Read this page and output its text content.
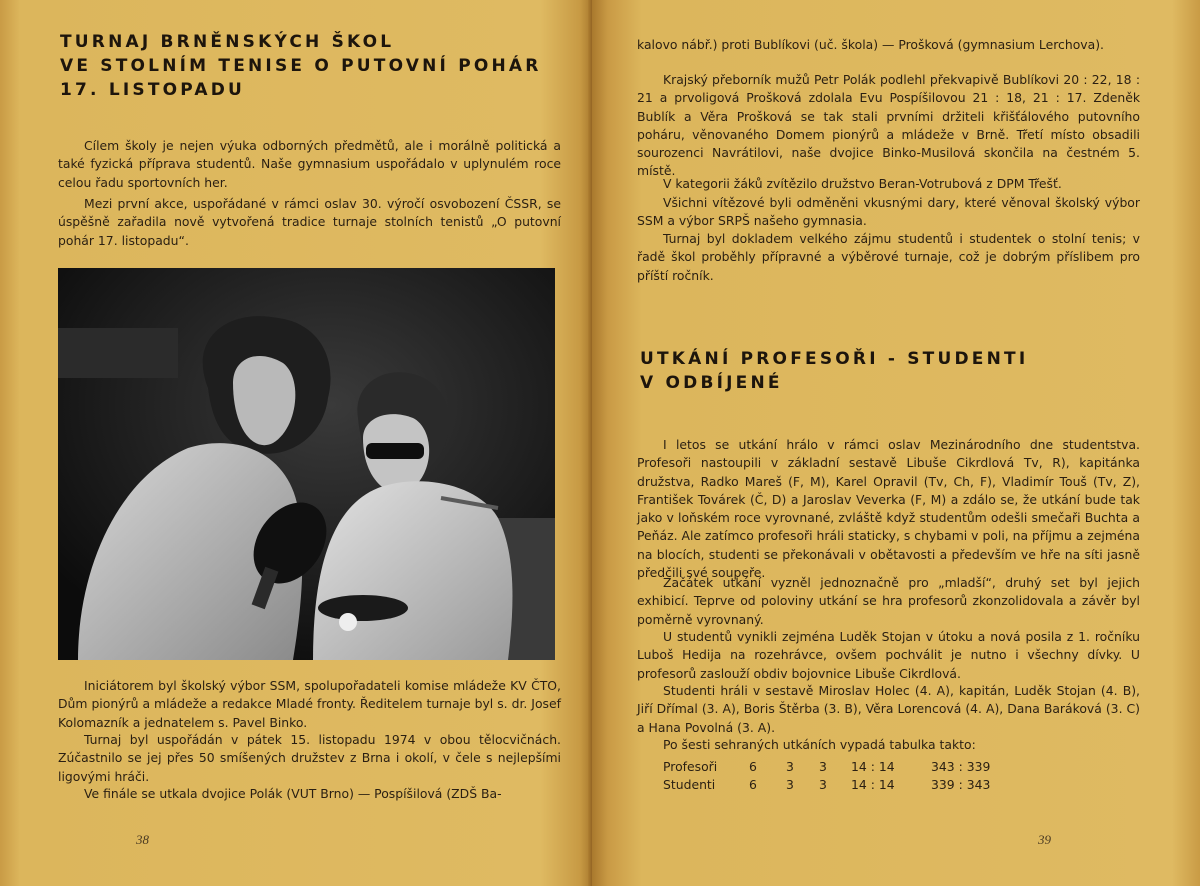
TURNAJ BRNĚNSKÝCH ŠKOL
VE STOLNÍM TENISE O PUTOVNÍ POHÁR
17. LISTOPADU

Cílem školy je nejen výuka odborných předmětů, ale i morálně politická a také fyzická příprava studentů. Naše gymnasium uspořádalo v uplynulém roce celou řadu sportovních her.

Mezi první akce, uspořádané v rámci oslav 30. výročí osvobození ČSSR, se úspěšně zařadila nově vytvořená tradice turnaje stolních tenistů „O putovní pohár 17. listopadu“.

Iniciátorem byl školský výbor SSM, spolupořadateli komise mládeže KV ČTO, Dům pionýrů a mládeže a redakce Mladé fronty. Ředitelem turnaje byl s. dr. Josef Kolomazník a jednatelem s. Pavel Binko.

Turnaj byl uspořádán v pátek 15. listopadu 1974 v obou tělocvičnách. Zúčastnilo se jej přes 50 smíšených družstev z Brna i okolí, v čele s nejlepšími ligovými hráči.

Ve finále se utkala dvojice Polák (VUT Brno) — Pospíšilová (ZDŠ Ba-

38

kalovo nábř.) proti Bublíkovi (uč. škola) — Prošková (gymnasium Lerchova).

Krajský přeborník mužů Petr Polák podlehl překvapivě Bublíkovi 20 : 22, 18 : 21 a prvoligová Prošková zdolala Evu Pospíšilovou 21 : 18, 21 : 17. Zdeněk Bublík a Věra Prošková se tak stali prvními držiteli křišťálového putovního poháru, věnovaného Domem pionýrů a mládeže v Brně. Třetí místo obsadili sourozenci Navrátilovi, naše dvojice Binko-Musilová skončila na čestném 5. místě.

V kategorii žáků zvítězilo družstvo Beran-Votrubová z DPM Třešť.

Všichni vítězové byli odměněni vkusnými dary, které věnoval školský výbor SSM a výbor SRPŠ našeho gymnasia.

Turnaj byl dokladem velkého zájmu studentů i studentek o stolní tenis; v řadě škol proběhly přípravné a výběrové turnaje, což je dobrým příslibem pro příští ročník.

UTKÁNÍ PROFESOŘI - STUDENTI
V ODBÍJENÉ

I letos se utkání hrálo v rámci oslav Mezinárodního dne studentstva. Profesoři nastoupili v základní sestavě Libuše Cikrdlová Tv, R), kapitánka družstva, Radko Mareš (F, M), Karel Opravil (Tv, Ch, F), Vladimír Touš (Tv, Z), František Továrek (Č, D) a Jaroslav Veverka (F, M) a zdálo se, že utkání bude tak jako v loňském roce vyrovnané, zvláště když studentům odešli smečaři Buchta a Peňáz. Ale zatímco profesoři hráli staticky, s chybami v poli, na příjmu a zejména na blocích, studenti se překonávali v obětavosti a především ve hře na síti jasně předčili své soupeře.

Začátek utkání vyzněl jednoznačně pro „mladší“, druhý set byl jejich exhibicí. Teprve od poloviny utkání se hra profesorů zkonzolidovala a závěr byl poměrně vyrovnaný.

U studentů vynikli zejména Luděk Stojan v útoku a nová posila z 1. ročníku Luboš Hedija na rozehrávce, ovšem pochválit je nutno i všechny dívky. U profesorů zaslouží obdiv bojovnice Libuše Cikrdlová.

Studenti hráli v sestavě Miroslav Holec (4. A), kapitán, Luděk Stojan (4. B), Jiří Dřímal (3. A), Boris Štěrba (3. B), Věra Lorencová (4. A), Dana Baráková (3. C) a Hana Povolná (3. A).

Po šesti sehraných utkáních vypadá tabulka takto:

39
Profesoři	6	3	3	14 : 14	343 : 339
Studenti	6	3	3	14 : 14	339 : 343
